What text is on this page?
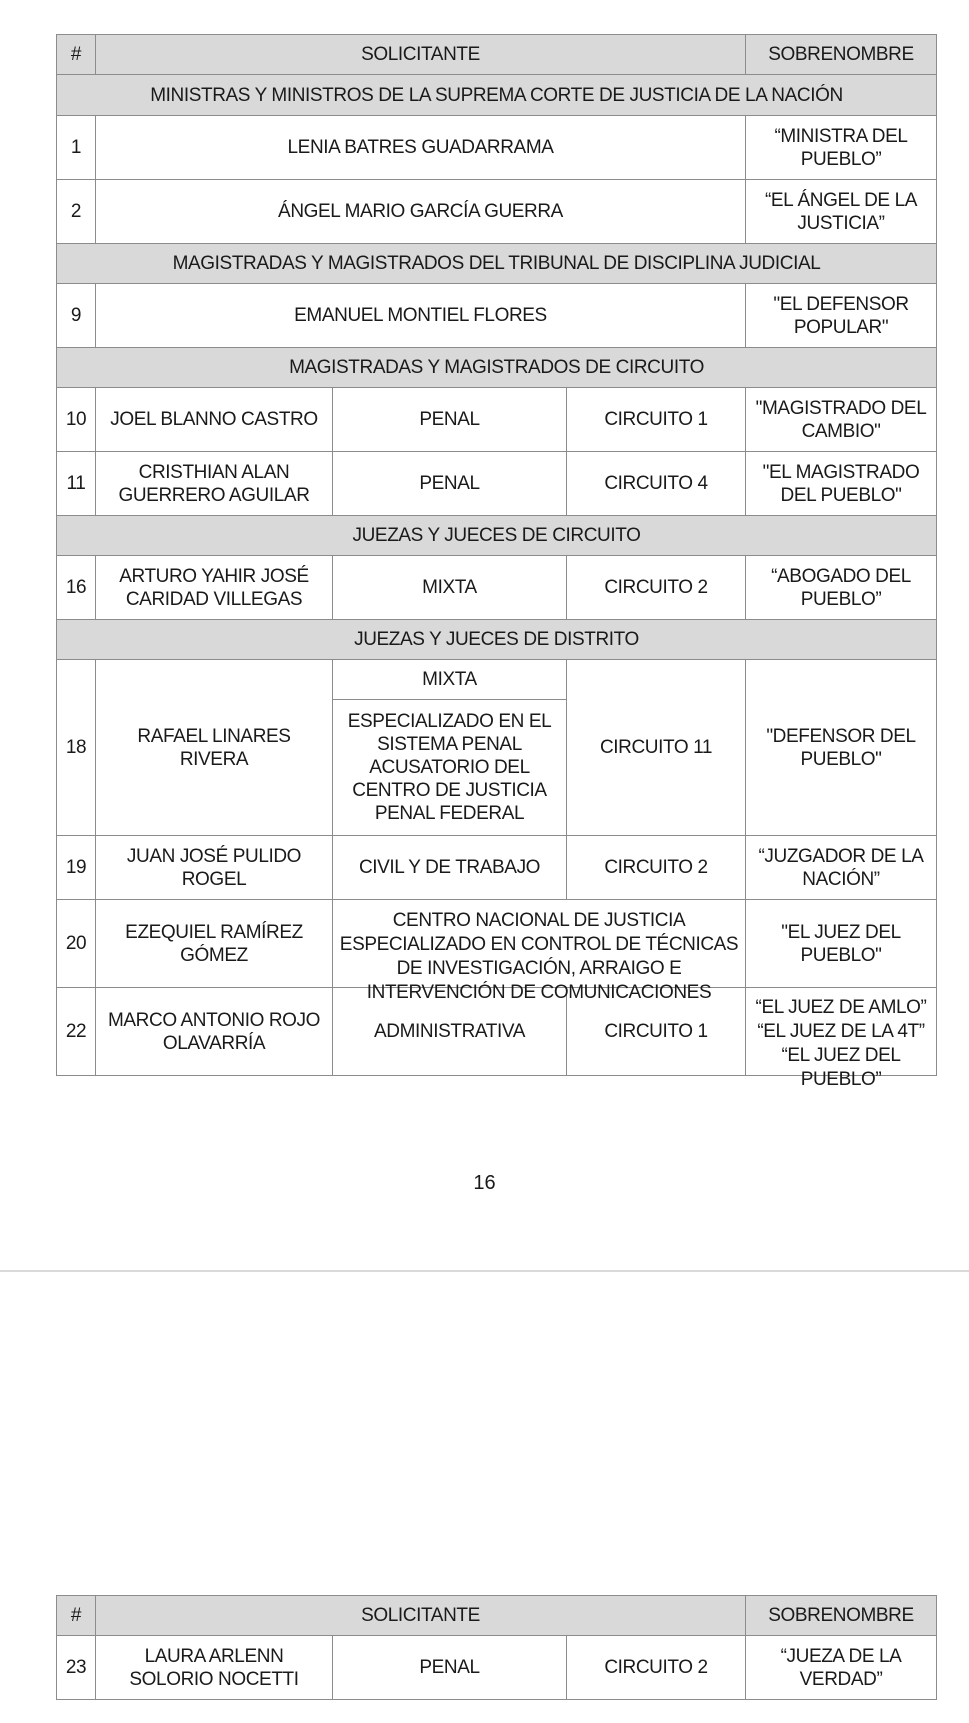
#	SOLICITANTE			SOBRENOMBRE
MINISTRAS Y MINISTROS DE LA SUPREMA CORTE DE JUSTICIA DE LA NACIÓN				
1	LENIA BATRES GUADARRAMA			“MINISTRA DEL PUEBLO”
2	ÁNGEL MARIO GARCÍA GUERRA			“EL ÁNGEL DE LA JUSTICIA”
MAGISTRADAS Y MAGISTRADOS DEL TRIBUNAL DE DISCIPLINA JUDICIAL				
9	EMANUEL MONTIEL FLORES			"EL DEFENSOR POPULAR"
MAGISTRADAS Y MAGISTRADOS DE CIRCUITO				
10	JOEL BLANNO CASTRO	PENAL	CIRCUITO 1	"MAGISTRADO DEL CAMBIO"
11	CRISTHIAN ALAN GUERRERO AGUILAR	PENAL	CIRCUITO 4	"EL MAGISTRADO DEL PUEBLO"
JUEZAS Y JUECES DE CIRCUITO				
16	ARTURO YAHIR JOSÉ CARIDAD VILLEGAS	MIXTA	CIRCUITO 2	“ABOGADO DEL PUEBLO”
JUEZAS Y JUECES DE DISTRITO				
18	RAFAEL LINARES RIVERA	MIXTA	CIRCUITO 11	"DEFENSOR DEL PUEBLO"
		ESPECIALIZADO EN EL SISTEMA PENAL ACUSATORIO DEL CENTRO DE JUSTICIA PENAL FEDERAL		
19	JUAN JOSÉ PULIDO ROGEL	CIVIL Y DE TRABAJO	CIRCUITO 2	“JUZGADOR DE LA NACIÓN”
20	EZEQUIEL RAMÍREZ GÓMEZ	CENTRO NACIONAL DE JUSTICIA ESPECIALIZADO EN CONTROL DE TÉCNICAS DE INVESTIGACIÓN, ARRAIGO E INTERVENCIÓN DE COMUNICACIONES		"EL JUEZ DEL PUEBLO"
22	MARCO ANTONIO ROJO OLAVARRÍA	ADMINISTRATIVA	CIRCUITO 1	“EL JUEZ DE AMLO” “EL JUEZ DE LA 4T” “EL JUEZ DEL PUEBLO”
16
#	SOLICITANTE			SOBRENOMBRE
23	LAURA ARLENN SOLORIO NOCETTI	PENAL	CIRCUITO 2	“JUEZA DE LA VERDAD”
